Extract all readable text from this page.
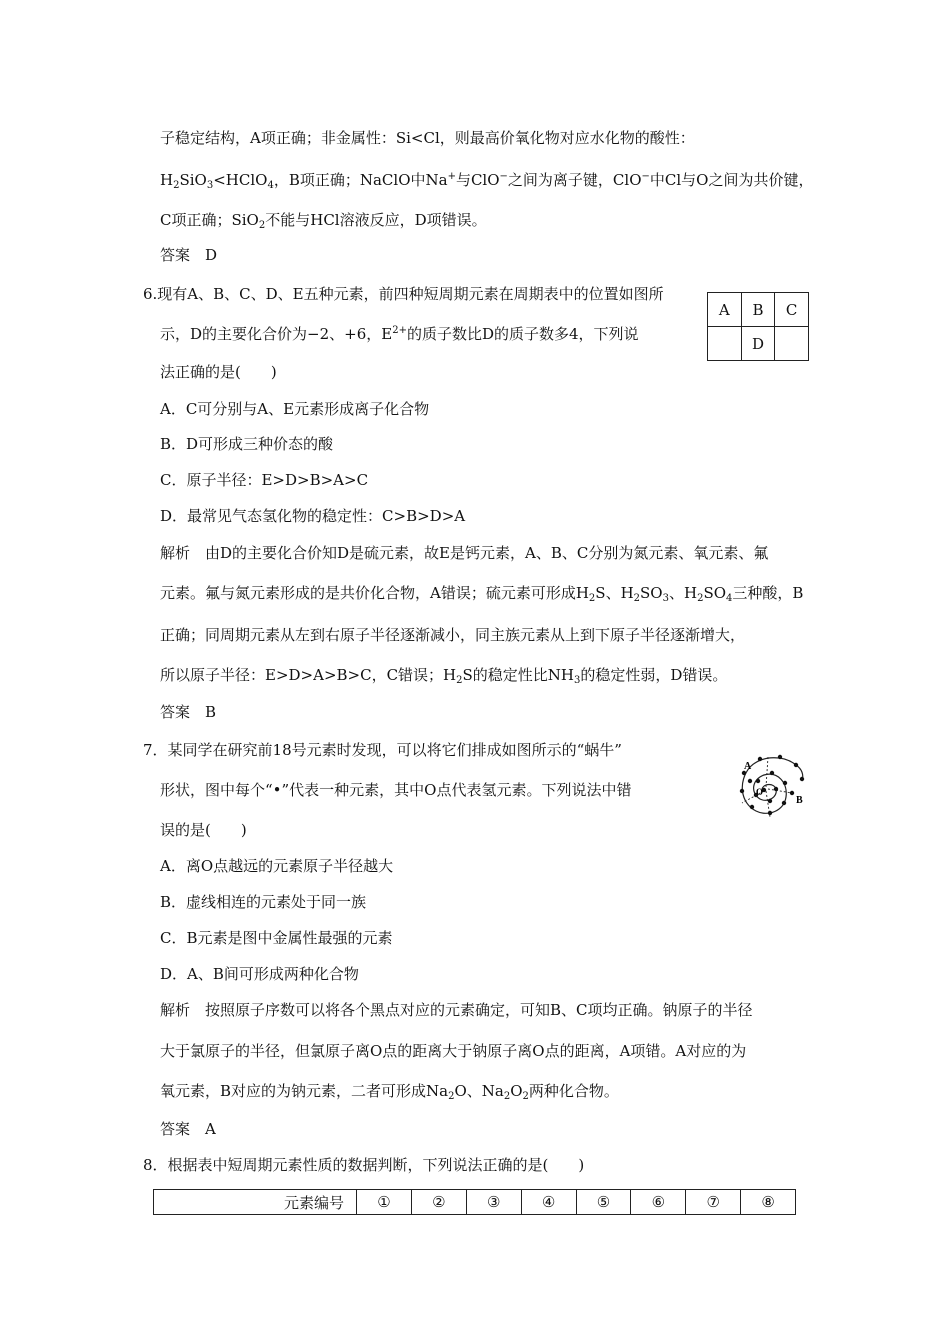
子稳定结构，A项正确；非金属性：Si<Cl，则最高价氧化物对应水化物的酸性：
$H_2SiO_3<HClO_4$，B项正确；NaClO中Na+与ClO−之间为离子键，ClO−中Cl与O之间为共价键，
C项正确；SiO$_2$不能与HCl溶液反应，D项错误。
答案　D
6.现有A、B、C、D、E五种元素，前四种短周期元素在周期表中的位置如图所
示，D的主要化合价为−2、+6，$E^{2+}$的质子数比D的质子数多4，下列说
法正确的是(　　)
A	B	C
	D	
A．C可分别与A、E元素形成离子化合物
B．D可形成三种价态的酸
C．原子半径：E>D>B>A>C
D．最常见气态氢化物的稳定性：C>B>D>A
解析　由D的主要化合价知D是硫元素，故E是钙元素，A、B、C分别为氮元素、氧元素、氟
元素。氟与氮元素形成的是共价化合物，A错误；硫元素可形成$H_2S$、$H_2SO_3$、$H_2SO_4$三种酸，B
正确；同周期元素从左到右原子半径逐渐减小，同主族元素从上到下原子半径逐渐增大，
所以原子半径：E>D>A>B>C，C错误；$H_2S$的稳定性比$NH_3$的稳定性弱，D错误。
答案　B
7．某同学在研究前18号元素时发现，可以将它们排成如图所示的“蜗牛”
形状，图中每个“•”代表一种元素，其中O点代表氢元素。下列说法中错
误的是(　　)
A
O
B
A．离O点越远的元素原子半径越大
B．虚线相连的元素处于同一族
C．B元素是图中金属性最强的元素
D．A、B间可形成两种化合物
解析　按照原子序数可以将各个黑点对应的元素确定，可知B、C项均正确。钠原子的半径
大于氯原子的半径，但氯原子离O点的距离大于钠原子离O点的距离，A项错。A对应的为
氧元素，B对应的为钠元素，二者可形成$Na_2O$、$Na_2O_2$两种化合物。
答案　A
8．根据表中短周期元素性质的数据判断，下列说法正确的是(　　)
元素编号	①	②	③	④	⑤	⑥	⑦	⑧
